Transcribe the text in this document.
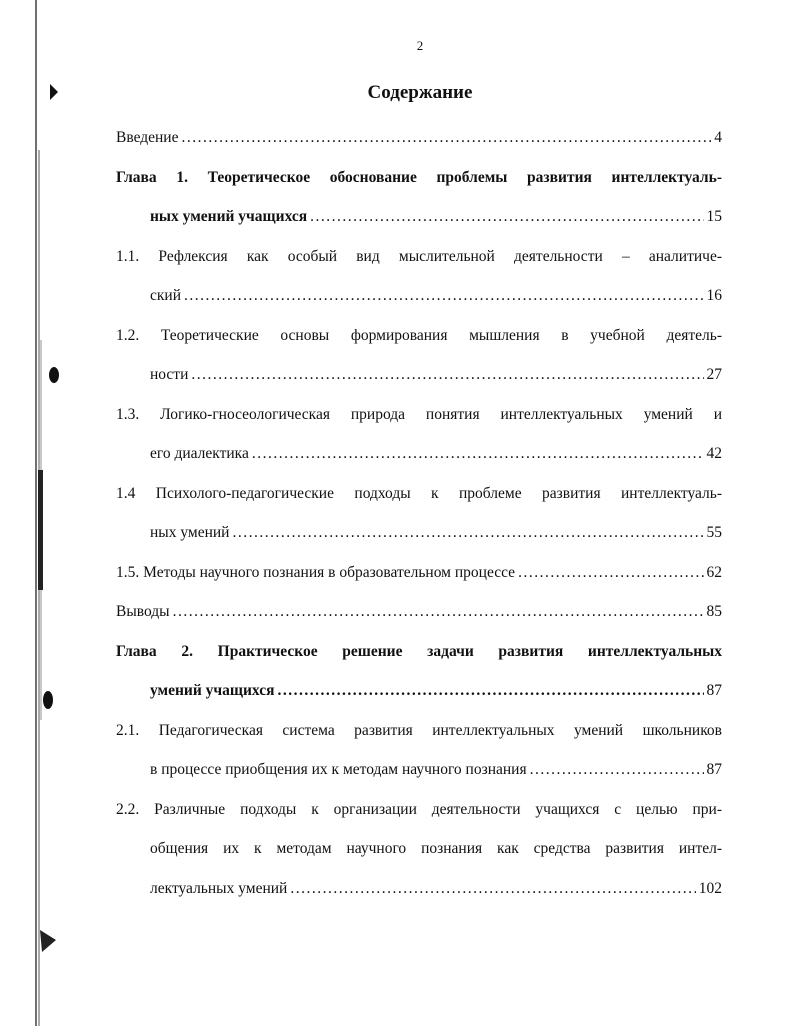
2
Содержание
Введение .....	4
Глава 1. Теоретическое обоснование проблемы развития интеллектуаль-
ных умений учащихся .....	15
1.1. Рефлексия как особый вид мыслительной деятельности – аналитиче-
ский .....	16
1.2. Теоретические основы формирования мышления в учебной деятель-
ности .....	27
1.3. Логико-гносеологическая природа понятия интеллектуальных умений и
его диалектика .....	42
1.4 Психолого-педагогические подходы к проблеме развития интеллектуаль-
ных умений .....	55
1.5. Методы научного познания в образовательном процессе .....	62
Выводы .....	85
Глава 2. Практическое решение задачи развития интеллектуальных
умений учащихся .....	87
2.1. Педагогическая система развития интеллектуальных умений школьников
в процессе приобщения их к методам научного познания .....	87
2.2. Различные подходы к организации деятельности учащихся с целью при-
общения их к методам научного познания как средства развития интел-
лектуальных умений .....	102
